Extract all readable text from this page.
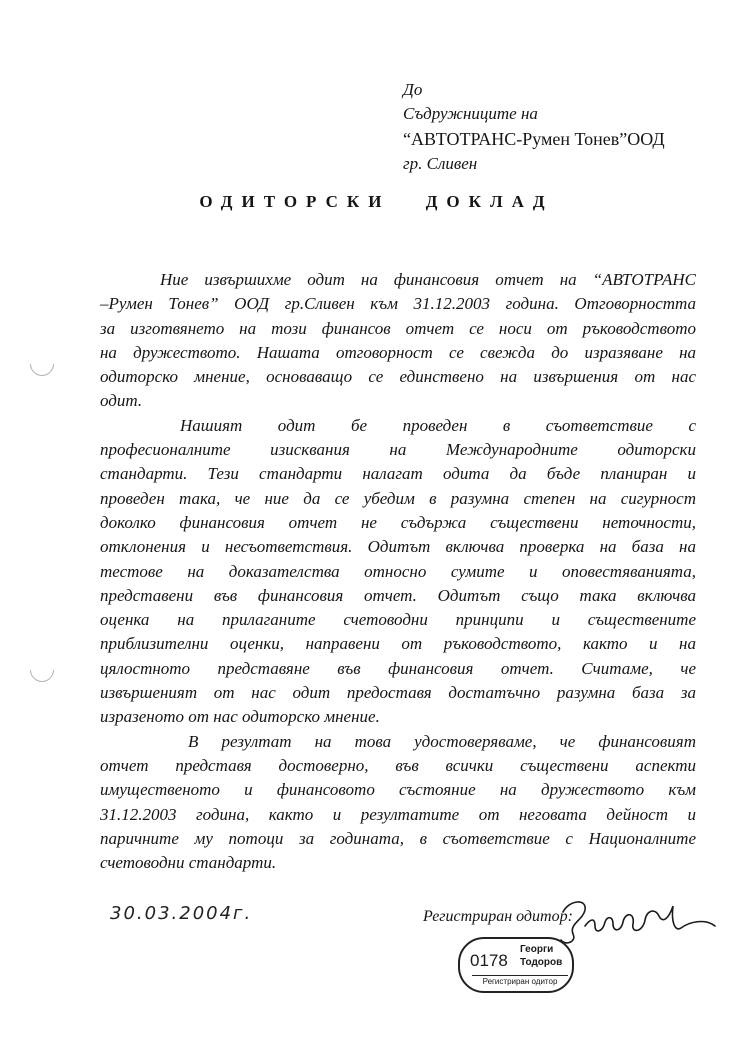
До
Съдружниците на
“АВТОТРАНС-Румен Тонев”ООД
гр. Сливен
ОДИТОРСКИ ДОКЛАД

Ние извършихме одит на финансовия отчет на “АВТОТРАНС
–Румен Тонев” ООД гр.Сливен към 31.12.2003 година. Отговорността
за изготвянето на този финансов отчет се носи от ръководството
на дружеството. Нашата отговорност се свежда до изразяване на
одиторско мнение, основаващо се единствено на извършения от нас
одит.

Нашият одит бе проведен в съответствие с
професионалните изисквания на Международните одиторски
стандарти. Тези стандарти налагат одита да бъде планиран и
проведен така, че ние да се убедим в разумна степен на сигурност
доколко финансовия отчет не съдържа съществени неточности,
отклонения и несъответствия. Одитът включва проверка на база на
тестове на доказателства относно сумите и оповестяванията,
представени във финансовия отчет. Одитът също така включва
оценка на прилаганите счетоводни принципи и съществените
приблизителни оценки, направени от ръководството, както и на
цялостното представяне във финансовия отчет. Считаме, че
извършеният от нас одит предоставя достатъчно разумна база за
изразеното от нас одиторско мнение.

В резултат на това удостоверяваме, че финансовият
отчет представя достоверно, във всички съществени аспекти
имущественото и финансовото състояние на дружеството към
31.12.2003 година, както и резултатите от неговата дейност и
паричните му потоци за годината, в съответствие с Националните
счетоводни стандарти.

30.03.2004г.	Регистриран одитор:
0178
Георги
Тодоров
Регистриран одитор
